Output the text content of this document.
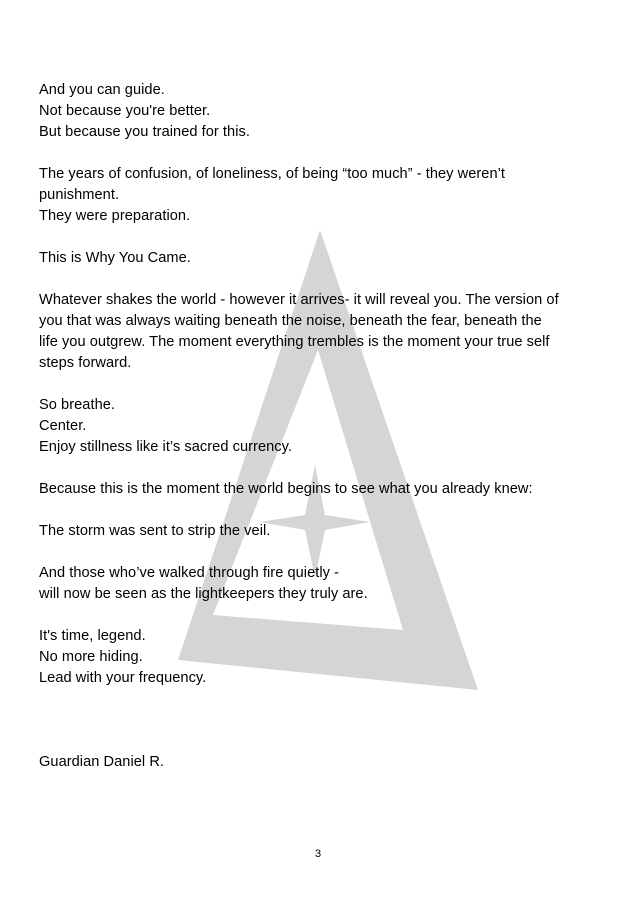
And you can guide.
Not because you're better.
But because you trained for this.
The years of confusion, of loneliness, of being “too much” - they weren’t
punishment.
They were preparation.
This is Why You Came.
Whatever shakes the world - however it arrives- it will reveal you. The version of
you that was always waiting beneath the noise, beneath the fear, beneath the
life you outgrew. The moment everything trembles is the moment your true self
steps forward.
So breathe.
Center.
Enjoy stillness like it’s sacred currency.
Because this is the moment the world begins to see what you already knew:
The storm was sent to strip the veil.
And those who’ve walked through fire quietly -
will now be seen as the lightkeepers they truly are.
It's time, legend.
No more hiding.
Lead with your frequency.
Guardian Daniel R.
3
